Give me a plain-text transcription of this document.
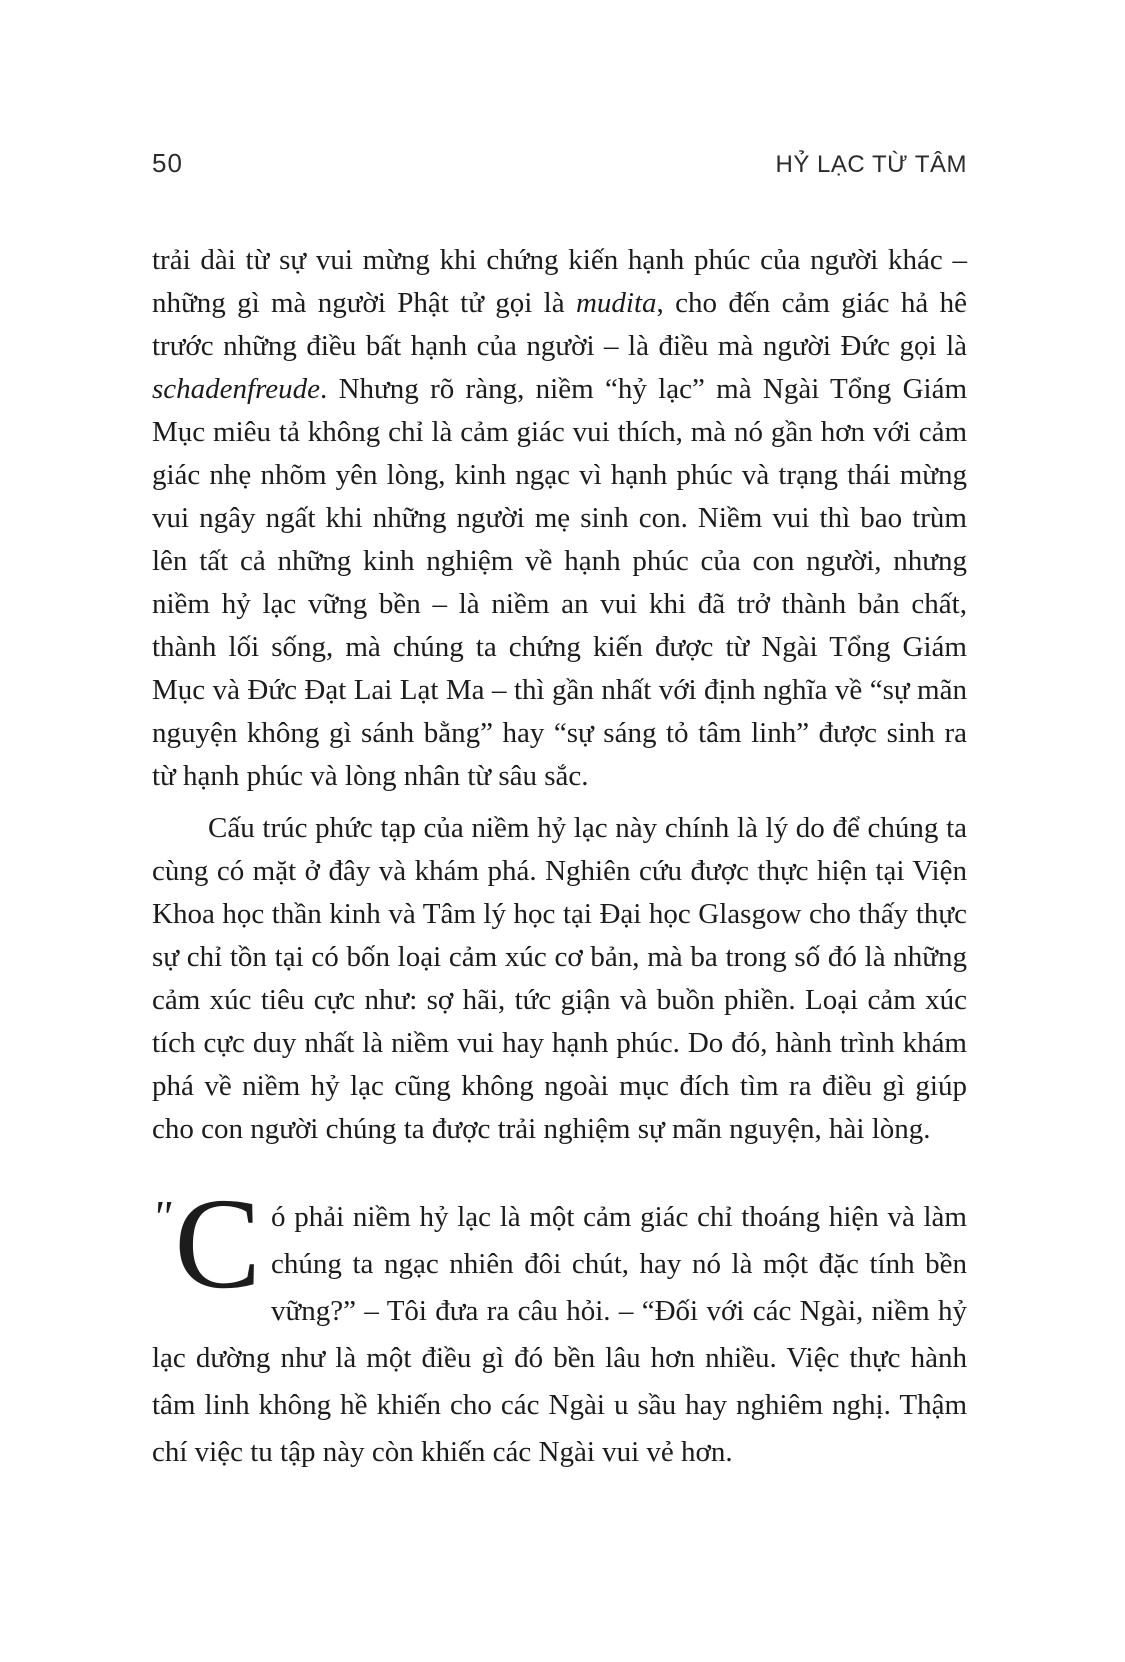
50	HỶ LẠC TỪ TÂM

trải dài từ sự vui mừng khi chứng kiến hạnh phúc của người khác – những gì mà người Phật tử gọi là mudita, cho đến cảm giác hả hê trước những điều bất hạnh của người – là điều mà người Đức gọi là schadenfreude. Nhưng rõ ràng, niềm “hỷ lạc” mà Ngài Tổng Giám Mục miêu tả không chỉ là cảm giác vui thích, mà nó gần hơn với cảm giác nhẹ nhõm yên lòng, kinh ngạc vì hạnh phúc và trạng thái mừng vui ngây ngất khi những người mẹ sinh con. Niềm vui thì bao trùm lên tất cả những kinh nghiệm về hạnh phúc của con người, nhưng niềm hỷ lạc vững bền – là niềm an vui khi đã trở thành bản chất, thành lối sống, mà chúng ta chứng kiến được từ Ngài Tổng Giám Mục và Đức Đạt Lai Lạt Ma – thì gần nhất với định nghĩa về “sự mãn nguyện không gì sánh bằng” hay “sự sáng tỏ tâm linh” được sinh ra từ hạnh phúc và lòng nhân từ sâu sắc.

Cấu trúc phức tạp của niềm hỷ lạc này chính là lý do để chúng ta cùng có mặt ở đây và khám phá. Nghiên cứu được thực hiện tại Viện Khoa học thần kinh và Tâm lý học tại Đại học Glasgow cho thấy thực sự chỉ tồn tại có bốn loại cảm xúc cơ bản, mà ba trong số đó là những cảm xúc tiêu cực như: sợ hãi, tức giận và buồn phiền. Loại cảm xúc tích cực duy nhất là niềm vui hay hạnh phúc. Do đó, hành trình khám phá về niềm hỷ lạc cũng không ngoài mục đích tìm ra điều gì giúp cho con người chúng ta được trải nghiệm sự mãn nguyện, hài lòng.

" C ó phải niềm hỷ lạc là một cảm giác chỉ thoáng hiện và làm chúng ta ngạc nhiên đôi chút, hay nó là một đặc tính bền vững?” – Tôi đưa ra câu hỏi. – “Đối với các Ngài, niềm hỷ lạc dường như là một điều gì đó bền lâu hơn nhiều. Việc thực hành tâm linh không hề khiến cho các Ngài u sầu hay nghiêm nghị. Thậm chí việc tu tập này còn khiến các Ngài vui vẻ hơn.
